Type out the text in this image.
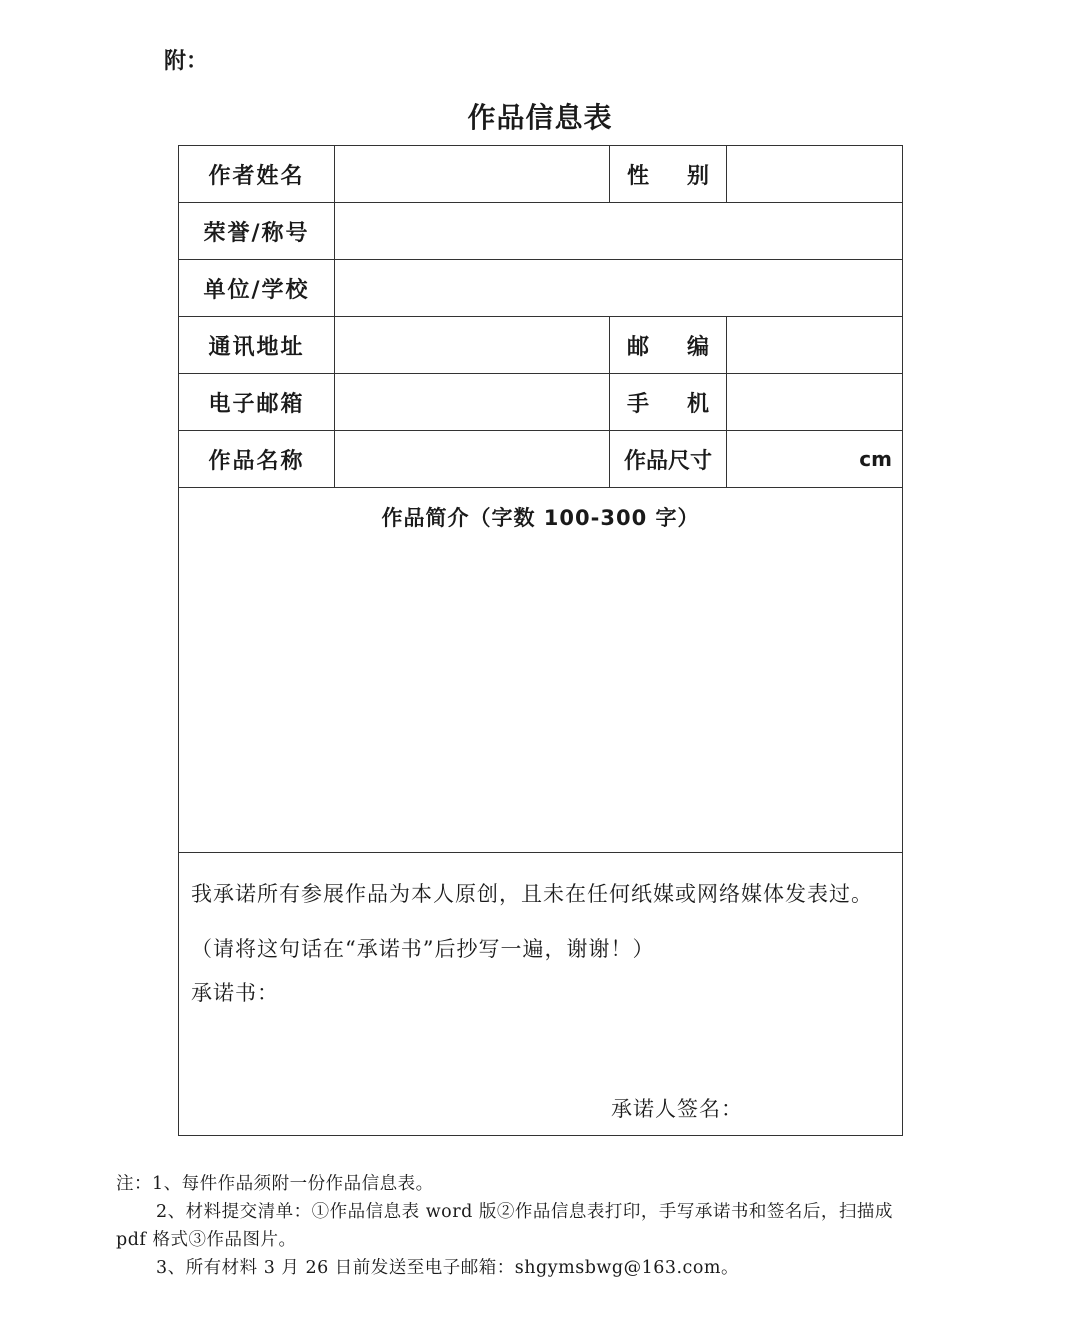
附：
作品信息表
作者姓名		性 别	
荣誉/称号			
单位/学校			
通讯地址		邮 编	
电子邮箱		手 机	
作品名称		作品尺寸	cm

作品简介（字数 100-300 字）			

我承诺所有参展作品为本人原创，且未在任何纸媒或网络媒体发表过。（请将这句话在“承诺书”后抄写一遍，谢谢！）
承诺书：
承诺人签名：			
注：1、每件作品须附一份作品信息表。
2、材料提交清单：①作品信息表 word 版②作品信息表打印，手写承诺书和签名后，扫描成 pdf 格式③作品图片。
3、所有材料 3 月 26 日前发送至电子邮箱：shgymsbwg@163.com。
